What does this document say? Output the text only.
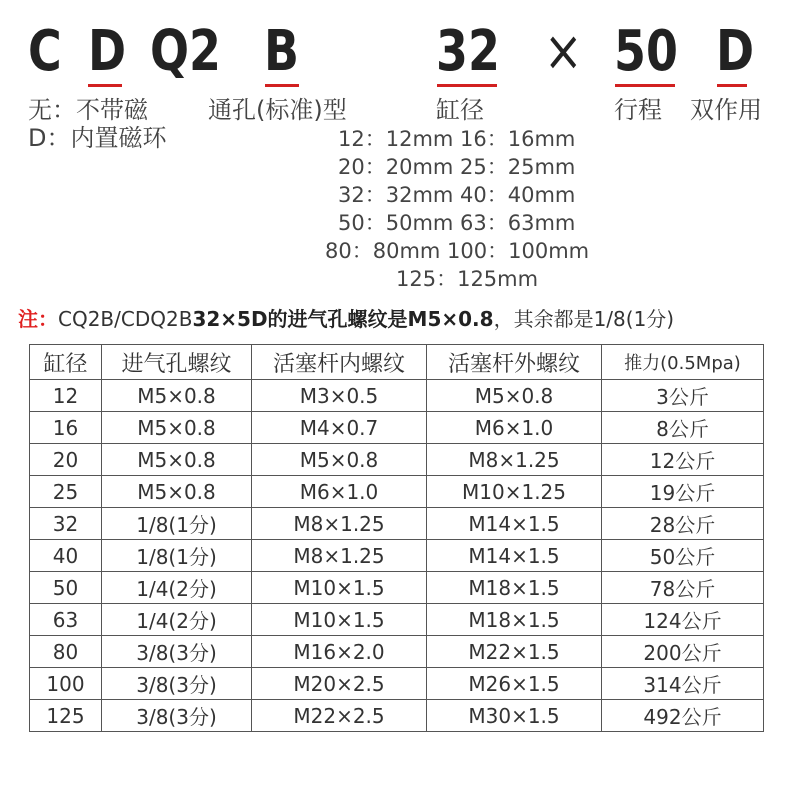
C D Q2 B 32 × 50 D
无：不带磁
D：内置磁环
通孔(标准)型	缸径	行程 双作用
12：12mm 16：16mm
20：20mm 25：25mm
32：32mm 40：40mm
50：50mm 63：63mm
80：80mm 100：100mm
125：125mm
注：CQ2B/CDQ2B32×5D的进气孔螺纹是M5×0.8，其余都是1/8(1分)
缸径	进气孔螺纹	活塞杆内螺纹	活塞杆外螺纹	推力(0.5Mpa)
12	M5×0.8	M3×0.5	M5×0.8	3公斤
16	M5×0.8	M4×0.7	M6×1.0	8公斤
20	M5×0.8	M5×0.8	M8×1.25	12公斤
25	M5×0.8	M6×1.0	M10×1.25	19公斤
32	1/8(1分)	M8×1.25	M14×1.5	28公斤
40	1/8(1分)	M8×1.25	M14×1.5	50公斤
50	1/4(2分)	M10×1.5	M18×1.5	78公斤
63	1/4(2分)	M10×1.5	M18×1.5	124公斤
80	3/8(3分)	M16×2.0	M22×1.5	200公斤
100	3/8(3分)	M20×2.5	M26×1.5	314公斤
125	3/8(3分)	M22×2.5	M30×1.5	492公斤
